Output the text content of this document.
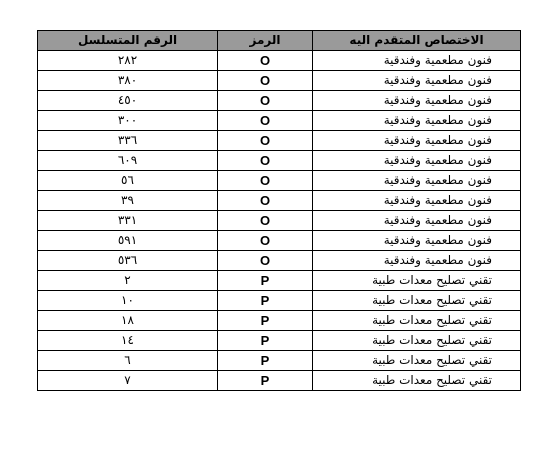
الاختصاص المتقدم اليه	الرمز	الرقم المتسلسل
فنون مطعمية وفندقية	O	٢٨٢
فنون مطعمية وفندقية	O	٣٨٠
فنون مطعمية وفندقية	O	٤٥٠
فنون مطعمية وفندقية	O	٣٠٠
فنون مطعمية وفندقية	O	٣٣٦
فنون مطعمية وفندقية	O	٦٠٩
فنون مطعمية وفندقية	O	٥٦
فنون مطعمية وفندقية	O	٣٩
فنون مطعمية وفندقية	O	٣٣١
فنون مطعمية وفندقية	O	٥٩١
فنون مطعمية وفندقية	O	٥٣٦
تقني تصليح معدات طبية	P	٢
تقني تصليح معدات طبية	P	١٠
تقني تصليح معدات طبية	P	١٨
تقني تصليح معدات طبية	P	١٤
تقني تصليح معدات طبية	P	٦
تقني تصليح معدات طبية	P	٧
